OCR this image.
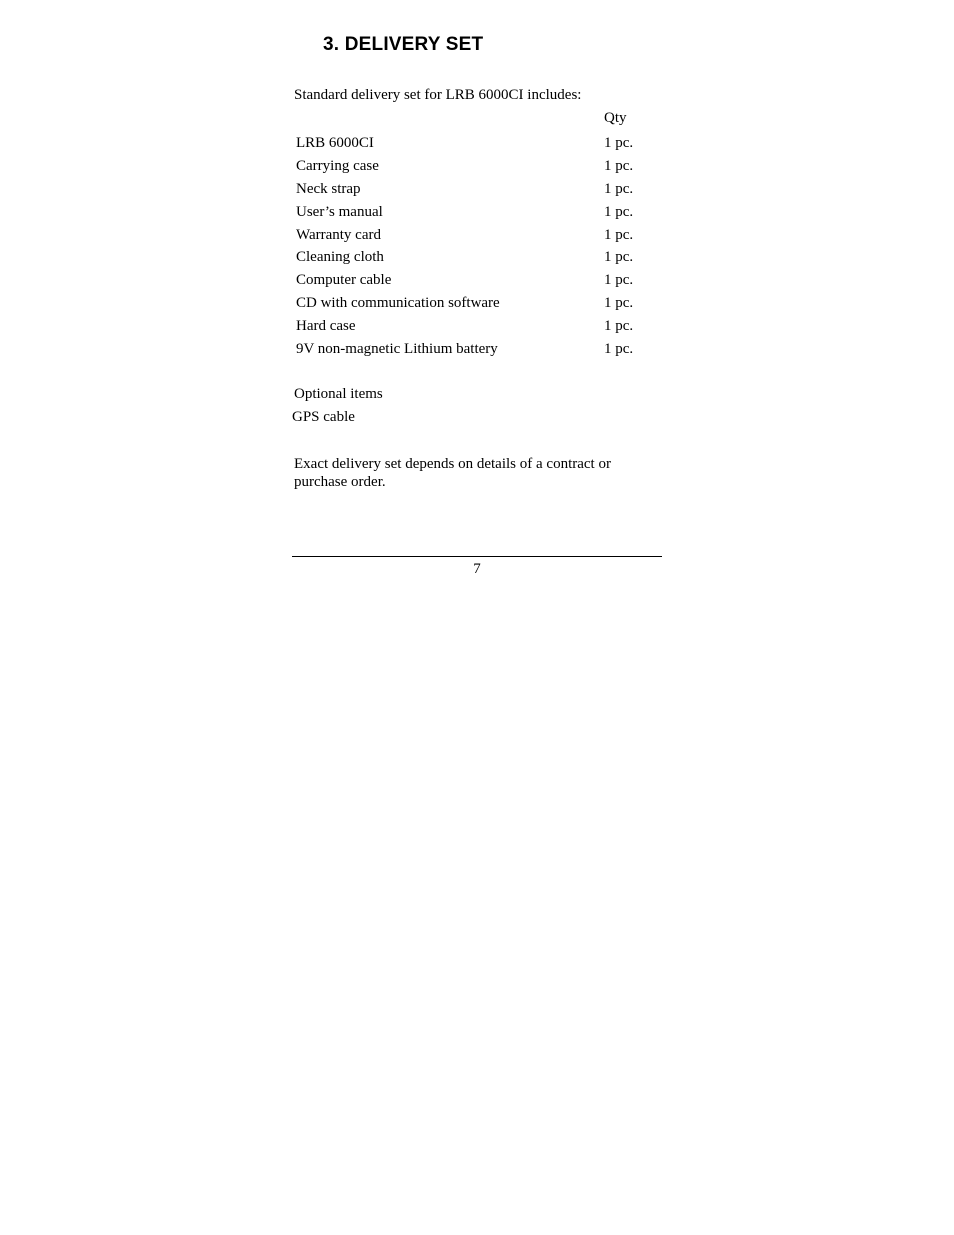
3. DELIVERY SET
Standard delivery set for LRB 6000CI includes:
Qty
LRB 6000CI	1 pc.
Carrying case	1 pc.
Neck strap	1 pc.
User’s manual	1 pc.
Warranty card	1 pc.
Cleaning cloth	1 pc.
Computer cable	1 pc.
CD with communication software	1 pc.
Hard case	1 pc.
9V non-magnetic Lithium battery	1 pc.
Optional items
GPS cable
Exact delivery set depends on details of a contract or purchase order.
7
